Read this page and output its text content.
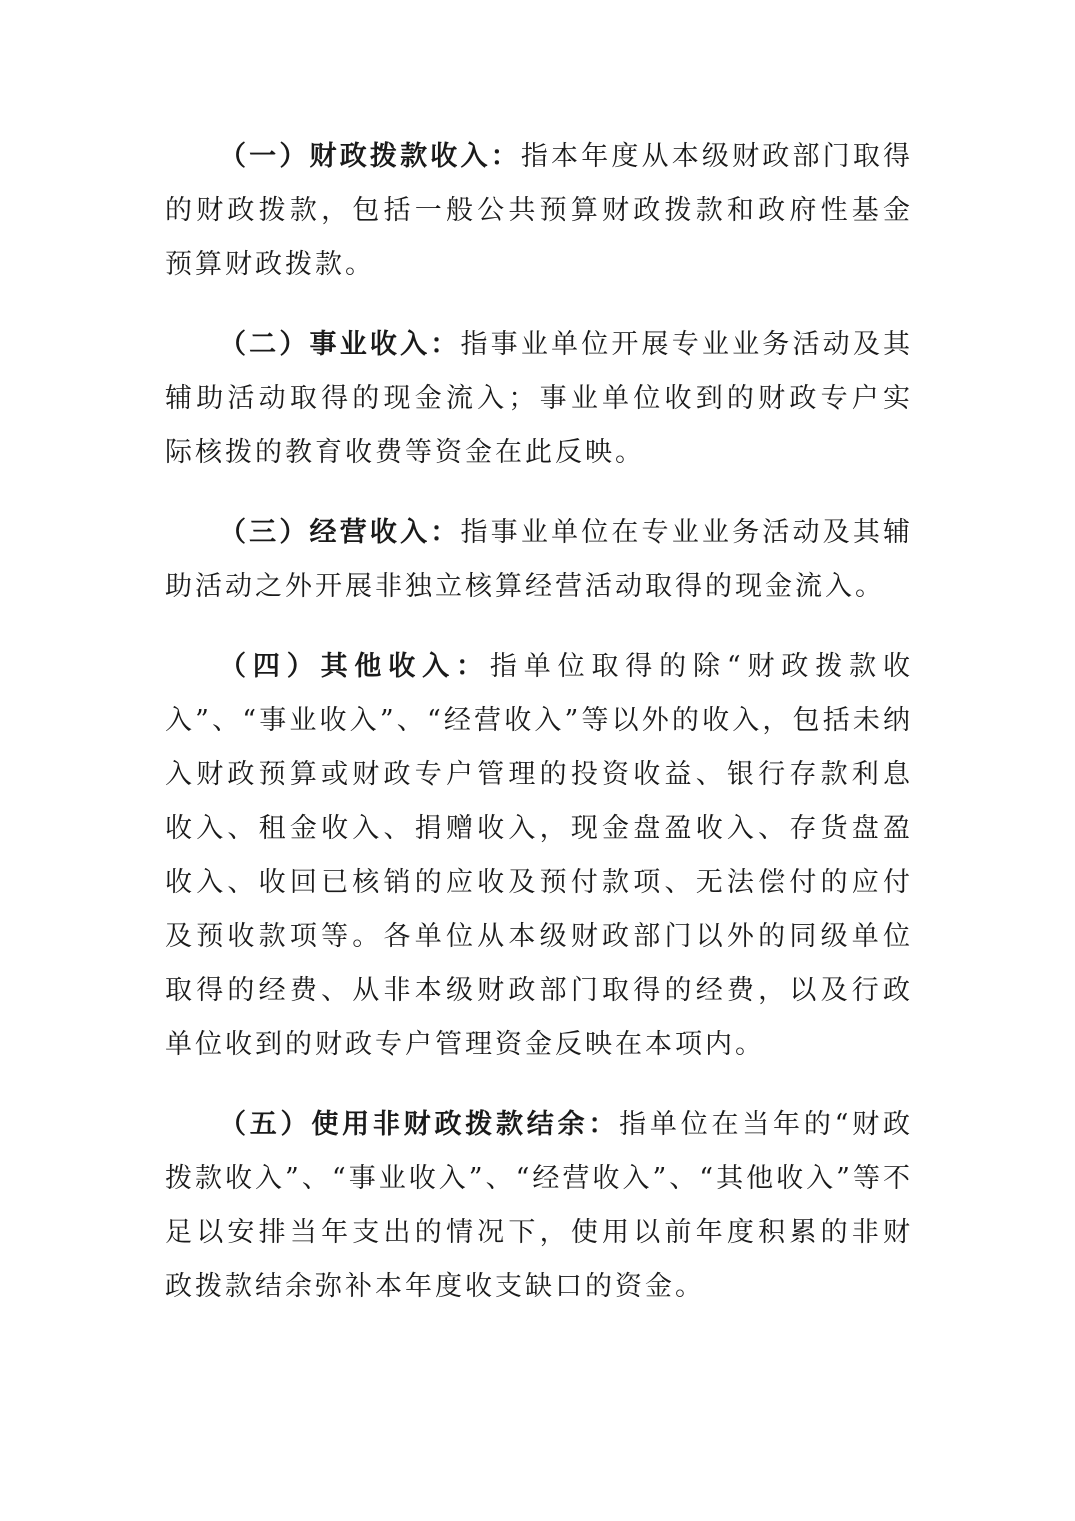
（一）财政拨款收入：指本年度从本级财政部门取得的财政拨款，包括一般公共预算财政拨款和政府性基金预算财政拨款。

（二）事业收入：指事业单位开展专业业务活动及其辅助活动取得的现金流入；事业单位收到的财政专户实际核拨的教育收费等资金在此反映。

（三）经营收入：指事业单位在专业业务活动及其辅助活动之外开展非独立核算经营活动取得的现金流入。

（四）其他收入：指单位取得的除“财政拨款收入”、“事业收入”、“经营收入”等以外的收入，包括未纳入财政预算或财政专户管理的投资收益、银行存款利息收入、租金收入、捐赠收入，现金盘盈收入、存货盘盈收入、收回已核销的应收及预付款项、无法偿付的应付及预收款项等。各单位从本级财政部门以外的同级单位取得的经费、从非本级财政部门取得的经费，以及行政单位收到的财政专户管理资金反映在本项内。

（五）使用非财政拨款结余：指单位在当年的“财政拨款收入”、“事业收入”、“经营收入”、“其他收入”等不足以安排当年支出的情况下，使用以前年度积累的非财政拨款结余弥补本年度收支缺口的资金。
